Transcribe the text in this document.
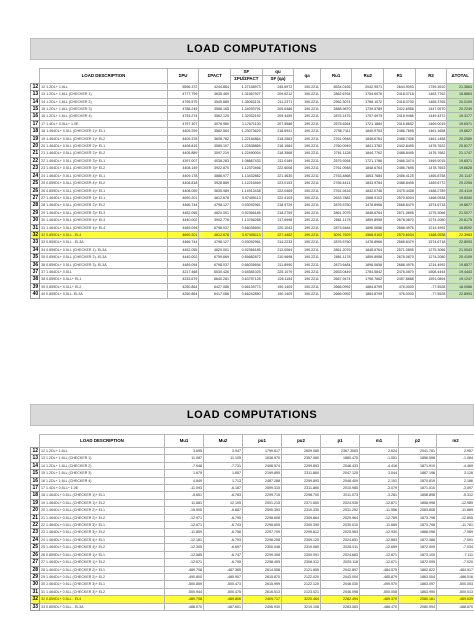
LOAD COMPUTATIONS
	LOAD DESCRIPTION	ΣPU	ΣPACT	SF	qu	qa	Ru1	Ru2	R1	R2	ΔTOTAL
				ΣPU/ΣPACT	SF (qa)						
12	12 1.2DL+ 1.6LL	5596.372	4244.864	1.27158973	245.6972	190.2211	8534.0165	2042.9571	2644.9093	1759.3910	21.3664
13	13 1.2DL+ 1.6LL (CHECKER 1)	4777.799	3635.469	1.31567927	209.6212	190.2211	2862.6764	1754.6076	2418.0718	1463.7762	18.8863
14	14 1.2DL+ 1.6LL (CHECKER 2)	4795.575	3545.885	1.35063131	211.2371	190.2211	2962.3074	1768.1072	2418.0700	1465.3765	20.0109
15	15 1.2DL+ 1.6LL (CHECKER 3)	4788.249	3568.165	1.34093791	209.6486	190.2211	2888.9870	1739.5789	2422.6958	1447.0570	20.2249
16	16 1.2DL+ 1.6LL (CHECKER 4)	4793.274	3562.125	1.32932192	209.4459	190.2211	2875.1476	1757.4975	2418.9466	1449.4372	19.3177
17	17 1.4DL+ 0.5LL+ 1.0E	4797.307	4076.980	1.17671130	207.5586	190.2211	2575.6264	1721.1884	2315.8652	1469.0015	19.6571
18	18 1.464DL+ 0.5LL (CHECKER 1)+ EL1	4409.299	3582.564	1.23073629	218.6941	190.2211	2798.7411	1840.9753	2486.7695	1461.1658	19.6627
19	19 1.464DL+ 0.5LL (CHECKER 1)+ EL2	4409.378	3608.782	1.22184864	218.2563	190.2211	2761.0948	1848.6764	2488.7406	1461.1458	20.2089
20	20 1.464DL+ 0.5LL (CHECKER 2)+ EL1	4408.815	3589.107	1.22838869	218.1984	190.2211	2760.0949	1841.3782	2442.8495	1478.7622	20.8177
21	21 1.464DL+ 0.5LL (CHECKER 2)+ EL2	4405.889	3597.219	1.22490004	218.3568	190.2211	2761.1128	1844.7762	2488.8495	1476.7682	21.1747
22	22 1.464DL+ 0.5LL (CHECKER 3)+ EL1	4397.007	4038.283	1.08887433	211.0189	190.2211	2575.9264	1721.1786	2466.3474	1469.0015	19.6571
23	23 1.464DL+ 0.5LL (CHECKER 3)+ EL2	4408.149	3922.870	1.12370466	222.6008	190.2211	2761.0948	1848.6764	2486.7695	1478.7653	19.6628
24	24 1.464DL+ 0.5LL (CHECKER 4)+ EL1	4409.178	3886.977	1.13432862	221.4630	190.2211	2763.4868	1853.7684	2456.4125	1465.8758	20.1147
25	25 0.859DL+ 0.5LL (CHECKER 4)+ EL2	4408.818	3928.889	1.12216469	223.0153	190.2211	2765.4414	1843.9784	2488.8495	1469.6772	20.2255
26	26 0.859DL+ 0.5LL (CHECKER 4)+ EL1	4408.059	3835.989	1.14913438	222.0469	190.2211	2761.9416	1842.0746	2475.4408	1468.2789	20.4119
27	27 1.464DL+ 0.5LL (CHECKER 1)+ EL1	4690.201	4812.678	0.97455113	222.4103	190.2211	2633.7881	1568.9103	2570.6004	1468.0538	19.8340
28	28 1.464DL+ 0.5LL (CHECKER 2)+ EL2	4466.744	4798.127	0.93092961	218.9729	190.2211	2876.5760	1478.8966	2568.8479	1574.6718	19.8677
29	29 1.464DL+ 0.5LL (CHECKER 3)+ EL3	4452.055	4820.001	0.92366185	218.2759	190.2211	2861.2076	1848.6764	2571.0895	1275.3066	21.0077
30	30 1.464DL+ 0.5LL (CHECKER 4)+ EL3	4440.002	3902.776	1.13766268	217.6998	190.2211	2861.1178	1859.8958	2678.0870	1274.2080	20.6175
31	31 1.464DL+ 0.5LL (CHECKER 4)+ EL4	4489.094	6798.037	0.66035694	220.1042	190.2211	2873.6484	1896.0658	2688.4976	1214.4992	18.8092
32	32 0.859DL+ 0.5LL - EL4	4690.201	4812.678	0.97455113	227.4462	190.2211	3091.7629	1568.9103	2570.6004	1468.0538	22.3983
33	33 0.859DL+ 0.5LL - EL3A	4466.744	4798.127	0.93092961	214.2233	190.2211	2876.5760	1478.8966	2568.8479	1574.6718	22.8093
34	34 0.859DL+ 0.5LL (CHECKER 1)- EL3A	4452.055	4820.001	0.92366185	212.0064	190.2211	2861.2076	1848.6764	2571.0895	1275.3066	21.0043
35	35 0.859DL+ 0.5LL (CHECKER 2)- EL3A	4440.002	6759.669	0.65682872	210.9698	190.2211	2861.1178	1859.8958	2678.0870	1274.2080	20.4109
36	36 0.859DL+ 0.5LL (CHECKER 3)- EL3A	4489.094	6798.037	0.66035694	211.8990	190.2211	2873.6484	1896.0658	2688.4976	1214.4992	19.8577
37	37 1.464DL+ 0.5LL	4217.468	6530.426	0.64581025	225.1079	190.2211	2653.0449	1784.5642	2476.0870	1608.4444	19.4443
38	38 0.859DL+ 0.5LL+ EL1	4233.679	6640.281	0.63757128	226.1154	190.2211	2667.9474	1796.7662	2457.8888	1591.0894	19.1247
39	39 0.859DL+ 0.5LL+ EL2	4250.864	6427.086	0.66139773	190.1409	190.2211	2666.0992	1884.8799	476.0000	-77.5528	18.0086
40	40 0.859DL+ 0.5LL- EL3A	4250.864	6417.086	0.66242890	190.1409	190.2211	2666.0992	1884.8799	476.0000	-77.5528	22.8993
LOAD COMPUTATIONS
	LOAD DESCRIPTION	Mu1	Mu2	pu1	pu2	p1	m1	p2	m2
12	12 1.2DL+ 1.6LL	3.695	3.947	1799.617	2609.085	2367.3083	2.624	2041.781	2.957
13	13 1.2DL+ 1.6LL (CHECKER 1)	11.087	11.105	1638.970	2357.080	1880.475	-1.051	1856.598	-1.084
14	14 1.2DL+ 1.6LL (CHECKER 2)	-7.948	-7.731	2498.574	2299.893	2048.433	-4.416	1871.910	-4.469
15	15 1.2DL+ 1.6LL (CHECKER 3)	1.679	1.657	2199.895	2311.860	2047.125	3.044	1867.196	3.126
16	16 1.2DL+ 1.6LL (CHECKER 4)	4.849	1.713	2487.288	2299.893	2048.409	2.151	1870.819	2.186
17	17 1.4DL+ 0.5LL+ 1.0E	-11.093	-6.187	2599.315	2311.860	2010.985	-3.079	1871.010	-3.097
18	18 1.464DL+ 0.5LL (CHECKER 1)+ EL1	-5.651	-6.783	2299.715	2298.700	2011.073	-3.281	1858.898	-5.312
19	19 1.464DL+ 0.5LL (CHECKER 1)+ EL2	11.681	12.105	2001.215	2371.650	2024.935	-12.871	1858.998	-12.989
20	20 1.464DL+ 0.5LL (CHECKER 2)+ EL1	-15.905	-6.687	2590.393	2310.330	2031.292	-11.556	2083.808	-11.869
21	21 1.464DL+ 0.5LL (CHECKER 2)+ EL2	-12.971	-6.795	2298.608	2309.864	2029.964	-12.789	1873.798	-12.805
22	22 1.464DL+ 0.5LL (CHECKER 3)+ EL1	-12.671	-6.743	2298.605	2300.390	2030.010	-11.689	1873.798	-11.761
23	23 1.464DL+ 0.5LL (CHECKER 3)+ EL2	-11.859	-6.758	2297.709	2299.812	2025.963	-12.930	1868.098	-7.069
24	24 1.464DL+ 0.5LL (CHECKER 4)+ EL1	-12.181	-6.793	2298.208	2309.120	2024.651	-12.883	1872.388	-7.091
25	25 1.464DL+ 0.5LL (CHECKER 4)+ EL2	-12.305	-6.697	2300.048	2310.080	2026.011	-12.659	1872.009	-7.034
26	26 0.859DL+ 0.5LL (CHECKER 1)+ EL1	-12.585	-6.747	2299.308	2300.091	2024.683	-12.871	1873.100	-7.111
27	27 1.464DL+ 0.5LL (CHECKER 1)+ EL2	-12.671	-6.795	2298.405	2308.312	2025.118	-12.671	1872.095	-7.020
28	28 1.464DL+ 0.5LL (CHECKER 2)+ EL1	-489.708	-487.380	2614.558	2121.855	2042.897	-484.575	1862.822	-484.917
29	29 1.464DL+ 0.5LL (CHECKER 2)+ EL2	-490.800	-485.907	2615.870	2122.020	2043.004	-485.879	1863.004	-486.016
30	30 1.464DL+ 0.5LL (CHECKER 3)+ EL1	-500.859	-500.473	2615.999	2122.120	2046.030	-499.970	1863.097	-500.003
31	31 1.464DL+ 0.5LL (CHECKER 3)+ EL2	-500.944	-500.475	2616.513	2123.021	2046.098	-500.008	1863.990	-500.013
32	32 0.859DL+ 0.5LL - EL4	-489.708	-489.806	2409.717	3220.464	2282.494	-489.379	2080.161	-489.639
33	33 0.859DL+ 0.5LL - EL3A	-488.070	-487.601	2406.930	3219.108	2283.083	-488.470	2080.994	-488.870
